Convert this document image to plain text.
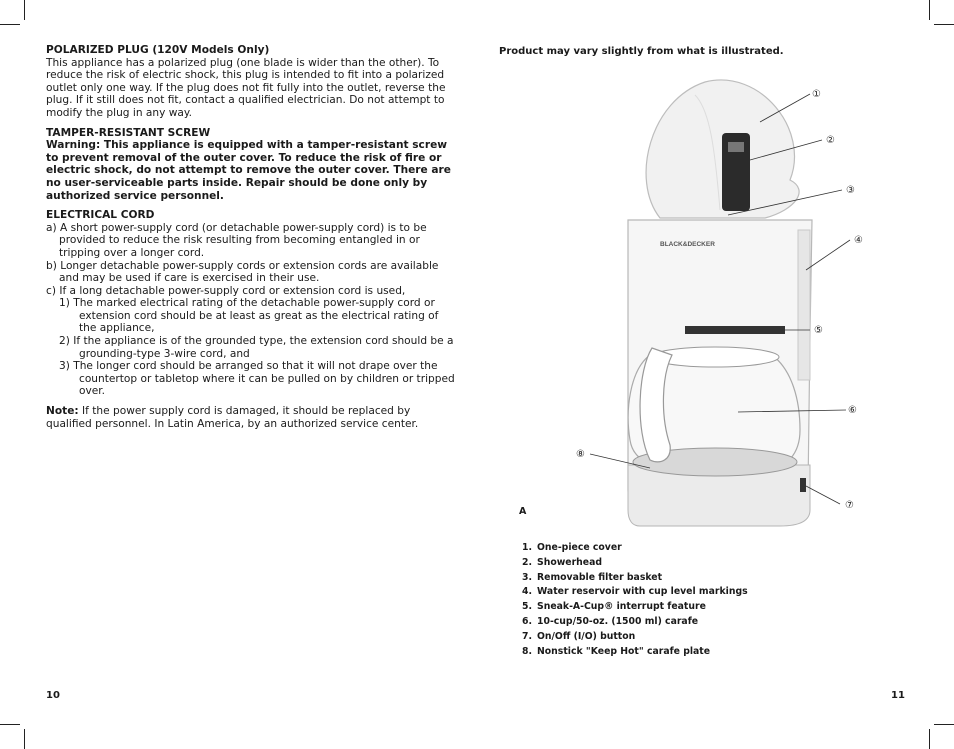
POLARIZED PLUG (120V Models Only)

This appliance has a polarized plug (one blade is wider than the other). To reduce the risk of electric shock, this plug is intended to fit into a polarized outlet only one way. If the plug does not fit fully into the outlet, reverse the plug. If it still does not fit, contact a qualified electrician. Do not attempt to modify the plug in any way.

TAMPER-RESISTANT SCREW

Warning: This appliance is equipped with a tamper-resistant screw to prevent removal of the outer cover. To reduce the risk of fire or electric shock, do not attempt to remove the outer cover. There are no user-serviceable parts inside. Repair should be done only by authorized service personnel.

ELECTRICAL CORD

a) A short power-supply cord (or detachable power-supply cord) is to be provided to reduce the risk resulting from becoming entangled in or tripping over a longer cord.

b) Longer detachable power-supply cords or extension cords are available and may be used if care is exercised in their use.

c) If a long detachable power-supply cord or extension cord is used,

1) The marked electrical rating of the detachable power-supply cord or extension cord should be at least as great as the electrical rating of the appliance,

2) If the appliance is of the grounded type, the extension cord should be a grounding-type 3-wire cord, and

3) The longer cord should be arranged so that it will not drape over the countertop or tabletop where it can be pulled on by children or tripped over.

Note: If the power supply cord is damaged, it should be replaced by qualified personnel. In Latin America, by an authorized service center.

Product may vary slightly from what is illustrated.
BLACK&DECKER
①
②
③
④
⑤
⑥
⑦
⑧
A
1. One-piece cover
2. Showerhead
3. Removable filter basket
4. Water reservoir with cup level markings
5. Sneak-A-Cup® interrupt feature
6. 10-cup/50-oz. (1500 ml) carafe
7. On/Off (I/O) button
8. Nonstick "Keep Hot" carafe plate
10	11
